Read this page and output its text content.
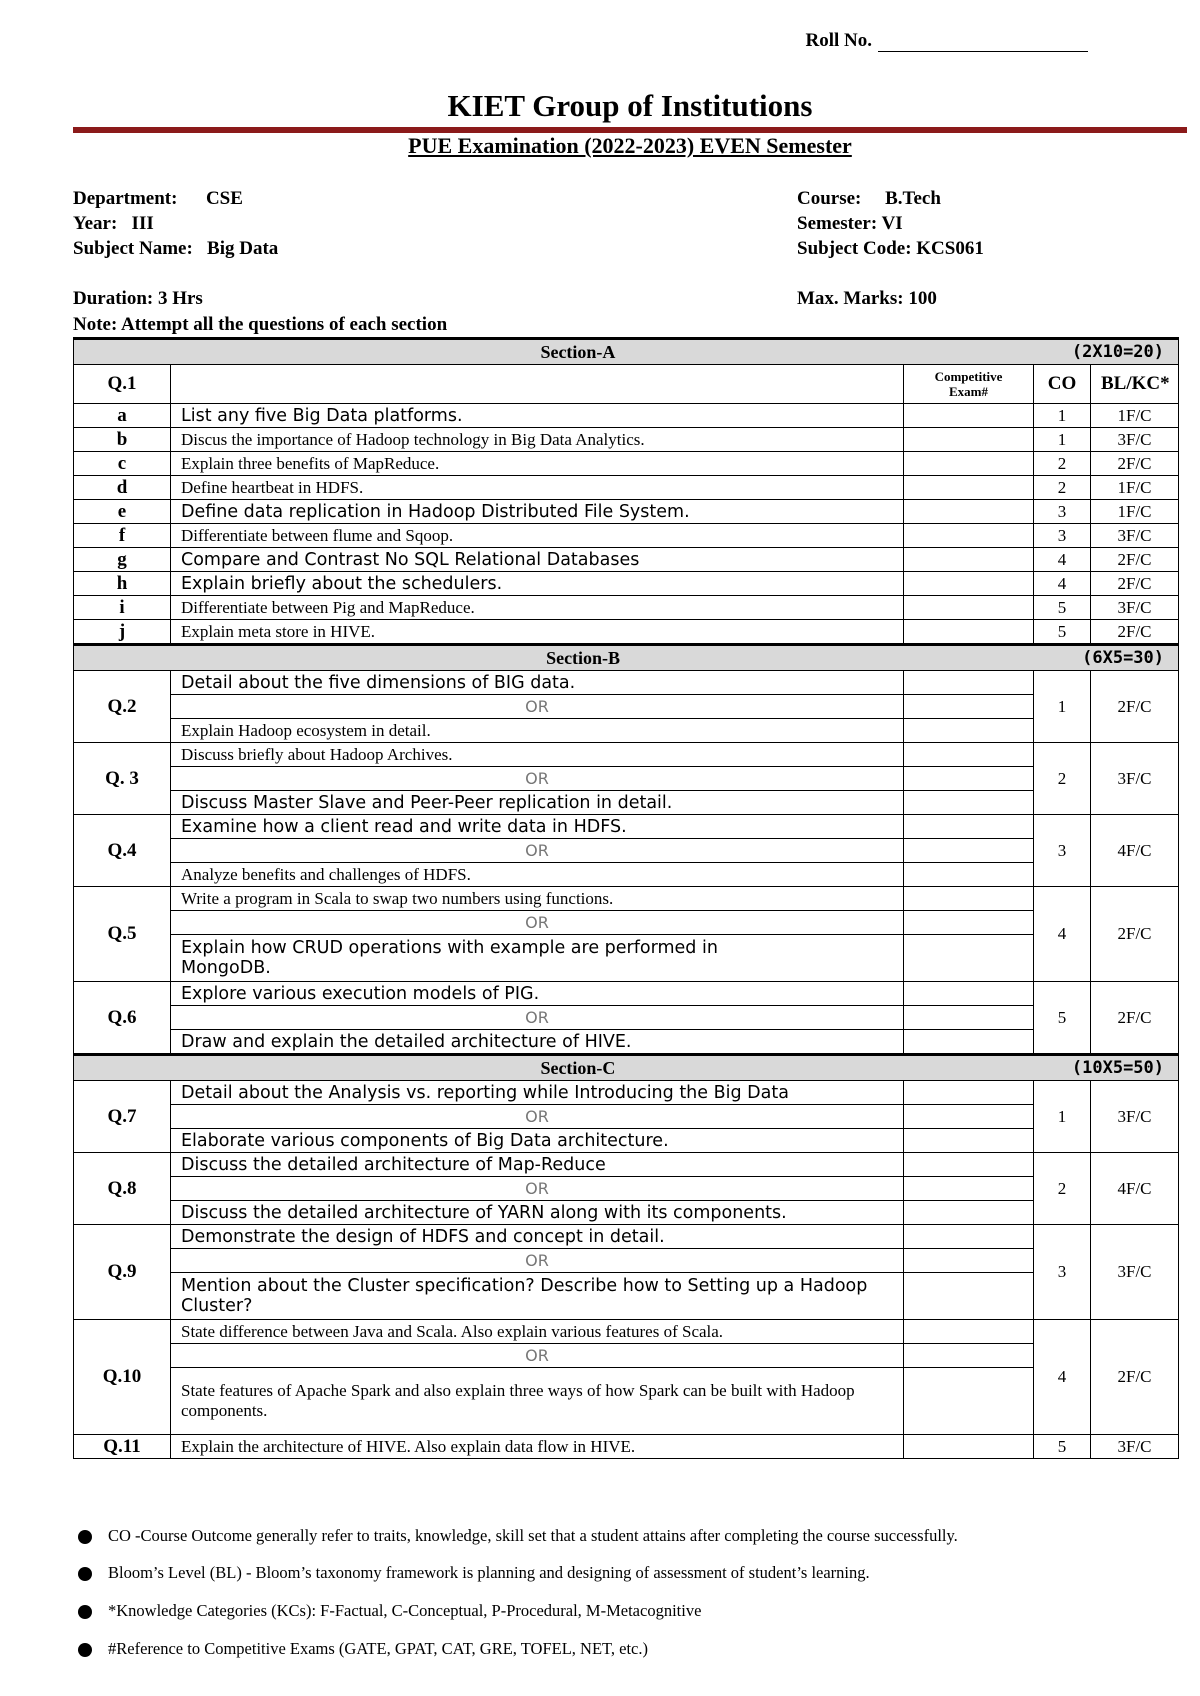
Roll No.
KIET Group of Institutions
PUE Examination (2022-2023) EVEN Semester
Department:      CSE
Year:   III
Subject Name:   Big Data
Course:     B.Tech
Semester: VI
Subject Code: KCS061
Duration: 3 Hrs	Max. Marks: 100
Note: Attempt all the questions of each section
Section-A (2X10=20)				

Q.1		Competitive Exam#	CO	BL/KC*
a	List any five Big Data platforms.		1	1F/C
b	Discus the importance of Hadoop technology in Big Data Analytics.		1	3F/C
c	Explain three benefits of MapReduce.		2	2F/C
d	Define heartbeat in HDFS.		2	1F/C
e	Define data replication in Hadoop Distributed File System.		3	1F/C
f	Differentiate between flume and Sqoop.		3	3F/C
g	Compare and Contrast No SQL Relational Databases		4	2F/C
h	Explain briefly about the schedulers.		4	2F/C
i	Differentiate between Pig and MapReduce.		5	3F/C
j	Explain meta store in HIVE.		5	2F/C
Section-B (6X5=30)				

Q.2	Detail about the five dimensions of BIG data.		1	2F/C
	OR			
	Explain Hadoop ecosystem in detail.			
Q. 3	Discuss briefly about Hadoop Archives.		2	3F/C
	OR			
	Discuss Master Slave and Peer-Peer replication in detail.			
Q.4	Examine how a client read and write data in HDFS.		3	4F/C
	OR			
	Analyze benefits and challenges of HDFS.			
Q.5	Write a program in Scala to swap two numbers using functions.		4	2F/C
	OR			
	Explain how CRUD operations with example are performed in MongoDB.			
Q.6	Explore various execution models of PIG.		5	2F/C
	OR			
	Draw and explain the detailed architecture of HIVE.			
Section-C (10X5=50)				

Q.7	Detail about the Analysis vs. reporting while Introducing the Big Data		1	3F/C
	OR			
	Elaborate various components of Big Data architecture.			
Q.8	Discuss the detailed architecture of Map-Reduce		2	4F/C
	OR			
	Discuss the detailed architecture of YARN along with its components.			
Q.9	Demonstrate the design of HDFS and concept in detail.		3	3F/C
	OR			
	Mention about the Cluster specification? Describe how to Setting up a Hadoop Cluster?			
Q.10	State difference between Java and Scala. Also explain various features of Scala.		4	2F/C
	OR			
	State features of Apache Spark and also explain three ways of how Spark can be built with Hadoop components.			
Q.11	Explain the architecture of HIVE. Also explain data flow in HIVE.		5	3F/C
CO -Course Outcome generally refer to traits, knowledge, skill set that a student attains after completing the course successfully.
Bloom’s Level (BL) - Bloom’s taxonomy framework is planning and designing of assessment of student’s learning.
*Knowledge Categories (KCs): F-Factual, C-Conceptual, P-Procedural, M-Metacognitive
#Reference to Competitive Exams (GATE, GPAT, CAT, GRE, TOFEL, NET, etc.)
